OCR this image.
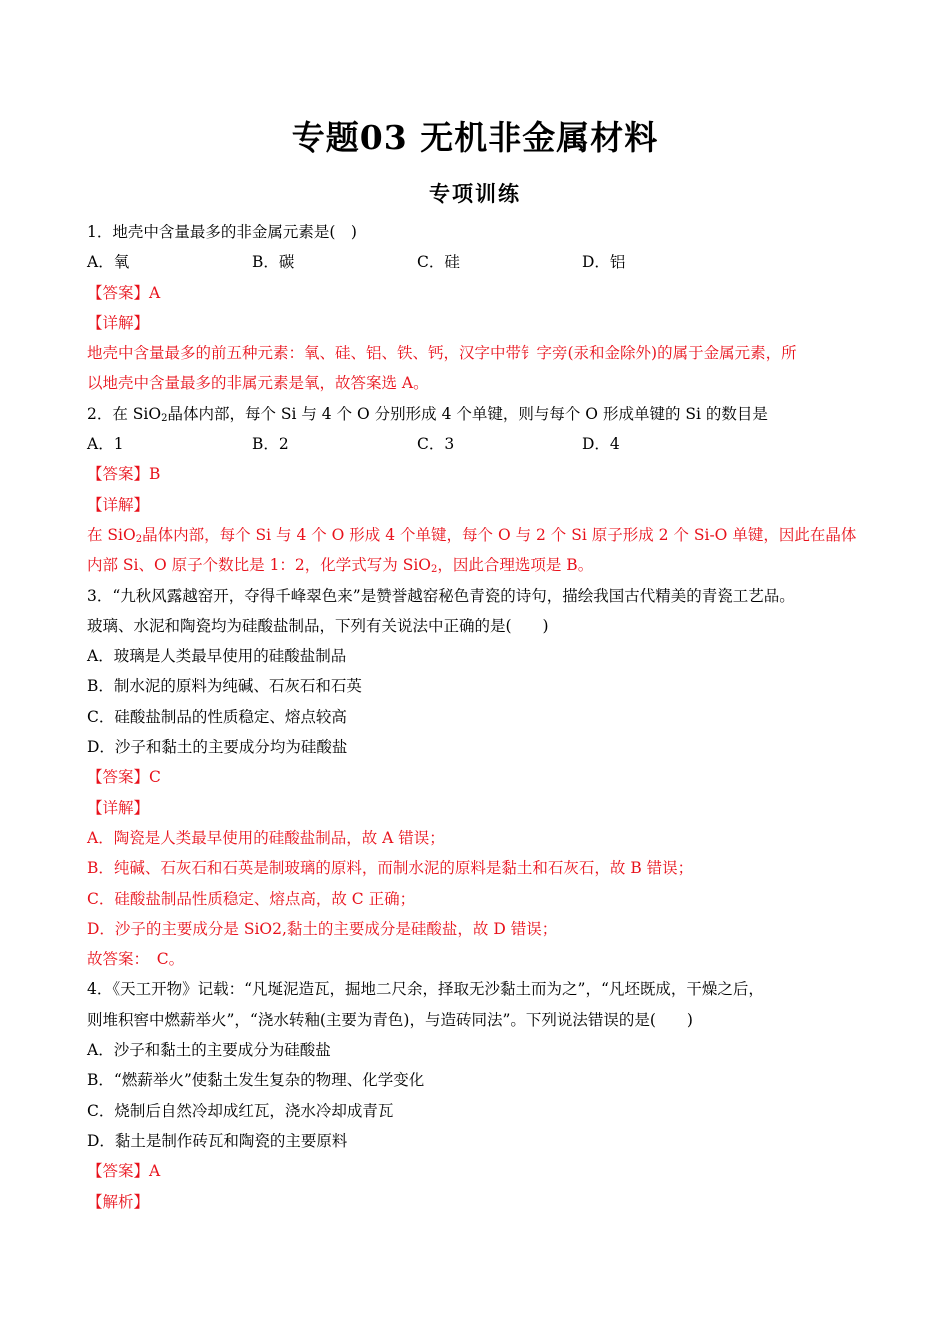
专题03 无机非金属材料
专项训练
1．地壳中含量最多的非金属元素是(　)
A．氧	B．碳	C．硅	D．铝
【答案】A
【详解】
地壳中含量最多的前五种元素：氧、硅、铝、铁、钙，汉字中带钅字旁(汞和金除外)的属于金属元素，所
以地壳中含量最多的非属元素是氧，故答案选 A。
2．在 SiO$_2$晶体内部，每个 Si 与 4 个 O 分别形成 4 个单键，则与每个 O 形成单键的 Si 的数目是
A．1	B．2	C．3	D．4
【答案】B
【详解】
在 SiO$_2$晶体内部，每个 Si 与 4 个 O 形成 4 个单键，每个 O 与 2 个 Si 原子形成 2 个 Si-O 单键，因此在晶体
内部 Si、O 原子个数比是 1：2，化学式写为 SiO$_2$，因此合理选项是 B。
3．“九秋风露越窑开，夺得千峰翠色来”是赞誉越窑秘色青瓷的诗句，描绘我国古代精美的青瓷工艺品。
玻璃、水泥和陶瓷均为硅酸盐制品，下列有关说法中正确的是(　　)
A．玻璃是人类最早使用的硅酸盐制品
B．制水泥的原料为纯碱、石灰石和石英
C．硅酸盐制品的性质稳定、熔点较高
D．沙子和黏土的主要成分均为硅酸盐
【答案】C
【详解】
A．陶瓷是人类最早使用的硅酸盐制品，故 A 错误；
B．纯碱、石灰石和石英是制玻璃的原料，而制水泥的原料是黏土和石灰石，故 B 错误；
C．硅酸盐制品性质稳定、熔点高，故 C 正确；
D．沙子的主要成分是 SiO2,黏土的主要成分是硅酸盐，故 D 错误；
故答案：　C。
4．《天工开物》记载：“凡埏泥造瓦，掘地二尺余，择取无沙黏土而为之”，“凡坯既成，干燥之后，
则堆积窖中燃薪举火”，“浇水转釉(主要为青色)，与造砖同法”。下列说法错误的是(　　)
A．沙子和黏土的主要成分为硅酸盐
B．“燃薪举火”使黏土发生复杂的物理、化学变化
C．烧制后自然冷却成红瓦，浇水冷却成青瓦
D．黏土是制作砖瓦和陶瓷的主要原料
【答案】A
【解析】
